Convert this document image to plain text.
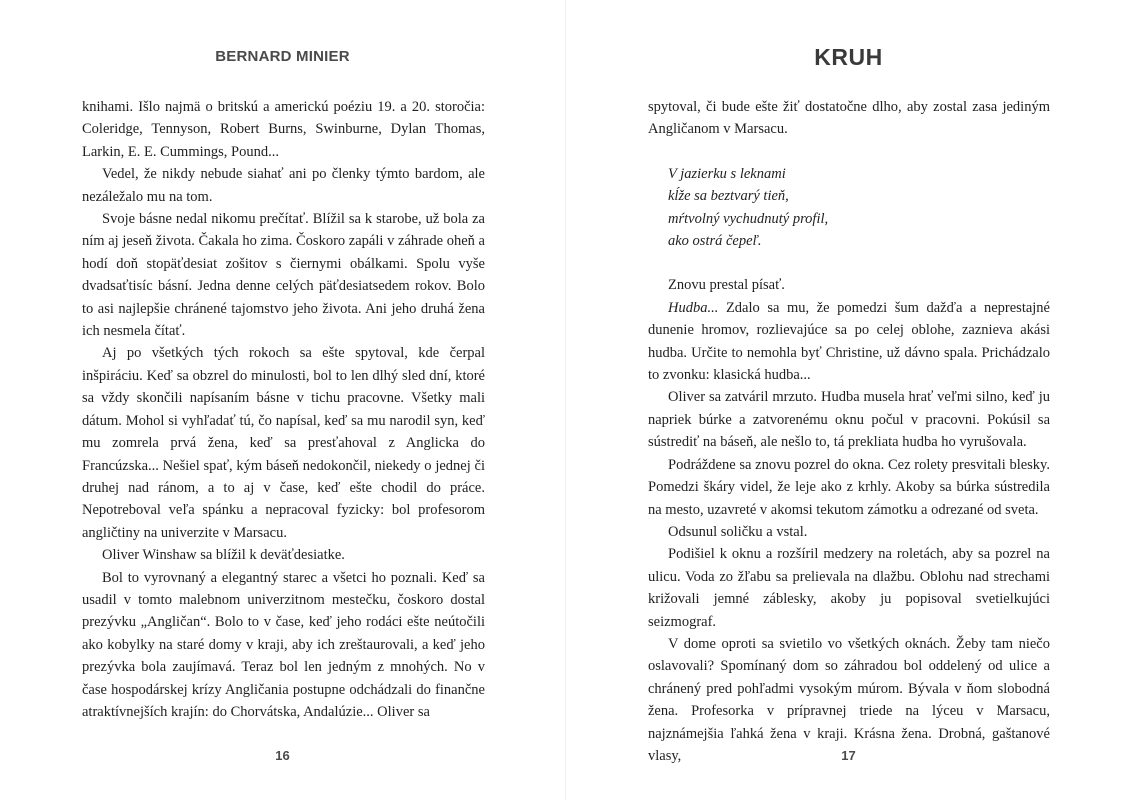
BERNARD MINIER

knihami. Išlo najmä o britskú a americkú poéziu 19. a 20. storočia: Coleridge, Tennyson, Robert Burns, Swinburne, Dylan Thomas, Larkin, E. E. Cummings, Pound...

Vedel, že nikdy nebude siahať ani po členky týmto bardom, ale nezáležalo mu na tom.

Svoje básne nedal nikomu prečítať. Blížil sa k starobe, už bola za ním aj jeseň života. Čakala ho zima. Čoskoro zapáli v záhrade oheň a hodí doň stopäťdesiat zošitov s čiernymi obálkami. Spolu vyše dvadsaťtisíc básní. Jedna denne celých päťdesiatsedem rokov. Bolo to asi najlepšie chránené tajomstvo jeho života. Ani jeho druhá žena ich nesmela čítať.

Aj po všetkých tých rokoch sa ešte spytoval, kde čerpal inšpiráciu. Keď sa obzrel do minulosti, bol to len dlhý sled dní, ktoré sa vždy skončili napísaním básne v tichu pracovne. Všetky mali dátum. Mohol si vyhľadať tú, čo napísal, keď sa mu narodil syn, keď mu zomrela prvá žena, keď sa presťahoval z Anglicka do Francúzska... Nešiel spať, kým báseň nedokončil, niekedy o jednej či druhej nad ránom, a to aj v čase, keď ešte chodil do práce. Nepotreboval veľa spánku a nepracoval fyzicky: bol profesorom angličtiny na univerzite v Marsacu.

Oliver Winshaw sa blížil k deväťdesiatke.

Bol to vyrovnaný a elegantný starec a všetci ho poznali. Keď sa usadil v tomto malebnom univerzitnom mestečku, čoskoro dostal prezývku „Angličan“. Bolo to v čase, keď jeho rodáci ešte neútočili ako kobylky na staré domy v kraji, aby ich zreštaurovali, a keď jeho prezývka bola zaujímavá. Teraz bol len jedným z mnohých. No v čase hospodárskej krízy Angličania postupne odchádzali do finančne atraktívnejších krajín: do Chorvátska, Andalúzie... Oliver sa

16
KRUH

spytoval, či bude ešte žiť dostatočne dlho, aby zostal zasa jediným Angličanom v Marsacu.

V jazierku s leknami
kĺže sa beztvarý tieň,
mŕtvolný vychudnutý profil,
ako ostrá čepeľ.

Znovu prestal písať.

Hudba... Zdalo sa mu, že pomedzi šum dažďa a neprestajné dunenie hromov, rozlievajúce sa po celej oblohe, zaznieva akási hudba. Určite to nemohla byť Christine, už dávno spala. Prichádzalo to zvonku: klasická hudba...

Oliver sa zatváril mrzuto. Hudba musela hrať veľmi silno, keď ju napriek búrke a zatvorenému oknu počul v pracovni. Pokúsil sa sústrediť na báseň, ale nešlo to, tá prekliata hudba ho vyrušovala.

Podráždene sa znovu pozrel do okna. Cez rolety presvitali blesky. Pomedzi škáry videl, že leje ako z krhly. Akoby sa búrka sústredila na mesto, uzavreté v akomsi tekutom zámotku a odrezané od sveta.

Odsunul soličku a vstal.

Podišiel k oknu a rozšíril medzery na roletách, aby sa pozrel na ulicu. Voda zo žľabu sa prelievala na dlažbu. Oblohu nad strechami križovali jemné záblesky, akoby ju popisoval svetielkujúci seizmograf.

V dome oproti sa svietilo vo všetkých oknách. Žeby tam niečo oslavovali? Spomínaný dom so záhradou bol oddelený od ulice a chránený pred pohľadmi vysokým múrom. Bývala v ňom slobodná žena. Profesorka v prípravnej triede na lýceu v Marsacu, najznámejšia ľahká žena v kraji. Krásna žena. Drobná, gaštanové vlasy,	17
